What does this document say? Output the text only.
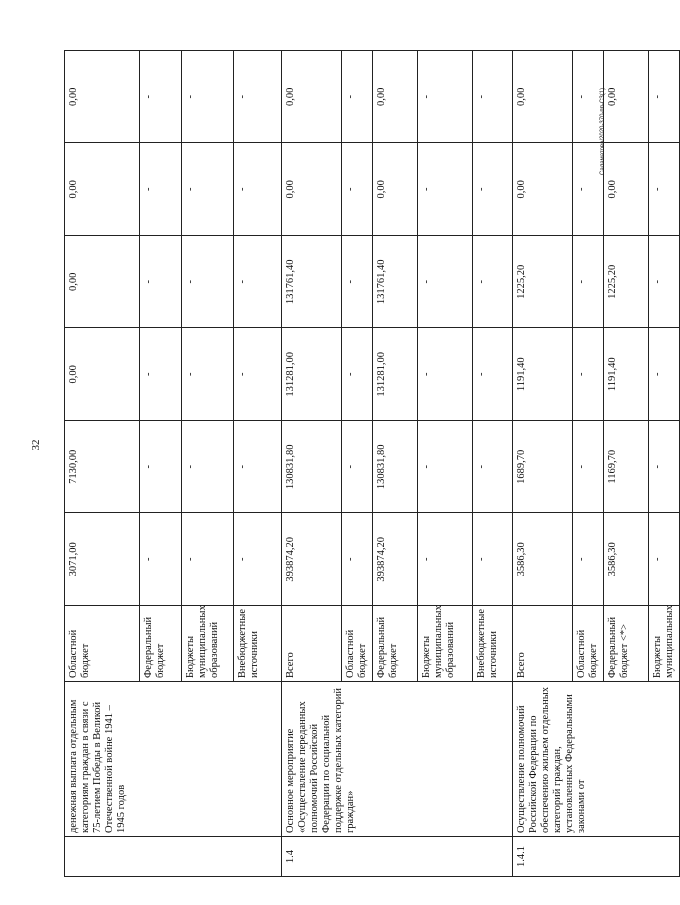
32
	денежная выплата отдельным категориям граждан в связи с 75-летием Победы в Великой Отечественной войне 1941 – 1945 годов	Областной бюджет	3071,00	7130,00	0,00	0,00	0,00	0,00
		Федеральный бюджет	-	-	-	-	-	-
		Бюджеты муниципальных образований	-	-	-	-	-	-
		Внебюджетные источники	-	-	-	-	-	-
1.4	Основное мероприятие «Осуществление переданных полномочий Российской Федерации по социальной поддержке отдельных категорий граждан»	Всего	393874,20	130831,80	131281,00	131761,40	0,00	0,00
		Областной бюджет	-	-	-	-	-	-
		Федеральный бюджет	393874,20	130831,80	131281,00	131761,40	0,00	0,00
		Бюджеты муниципальных образований	-	-	-	-	-	-
		Внебюджетные источники	-	-	-	-	-	-
1.4.1	Осуществление полномочий Российской Федерации по обеспечению жильем отдельных категорий граждан, установленных Федеральными законами от	Всего	3586,30	1689,70	1191,40	1225,20	0,00	0,00
		Областной бюджет	-	-	-	-	-	-
		Федеральный бюджет <*>	3586,30	1169,70	1191,40	1225,20	0,00	0,00
		Бюджеты муниципальных	-	-	-	-	-	-
Саламатова/2020-370-пп-СЗ(1)
